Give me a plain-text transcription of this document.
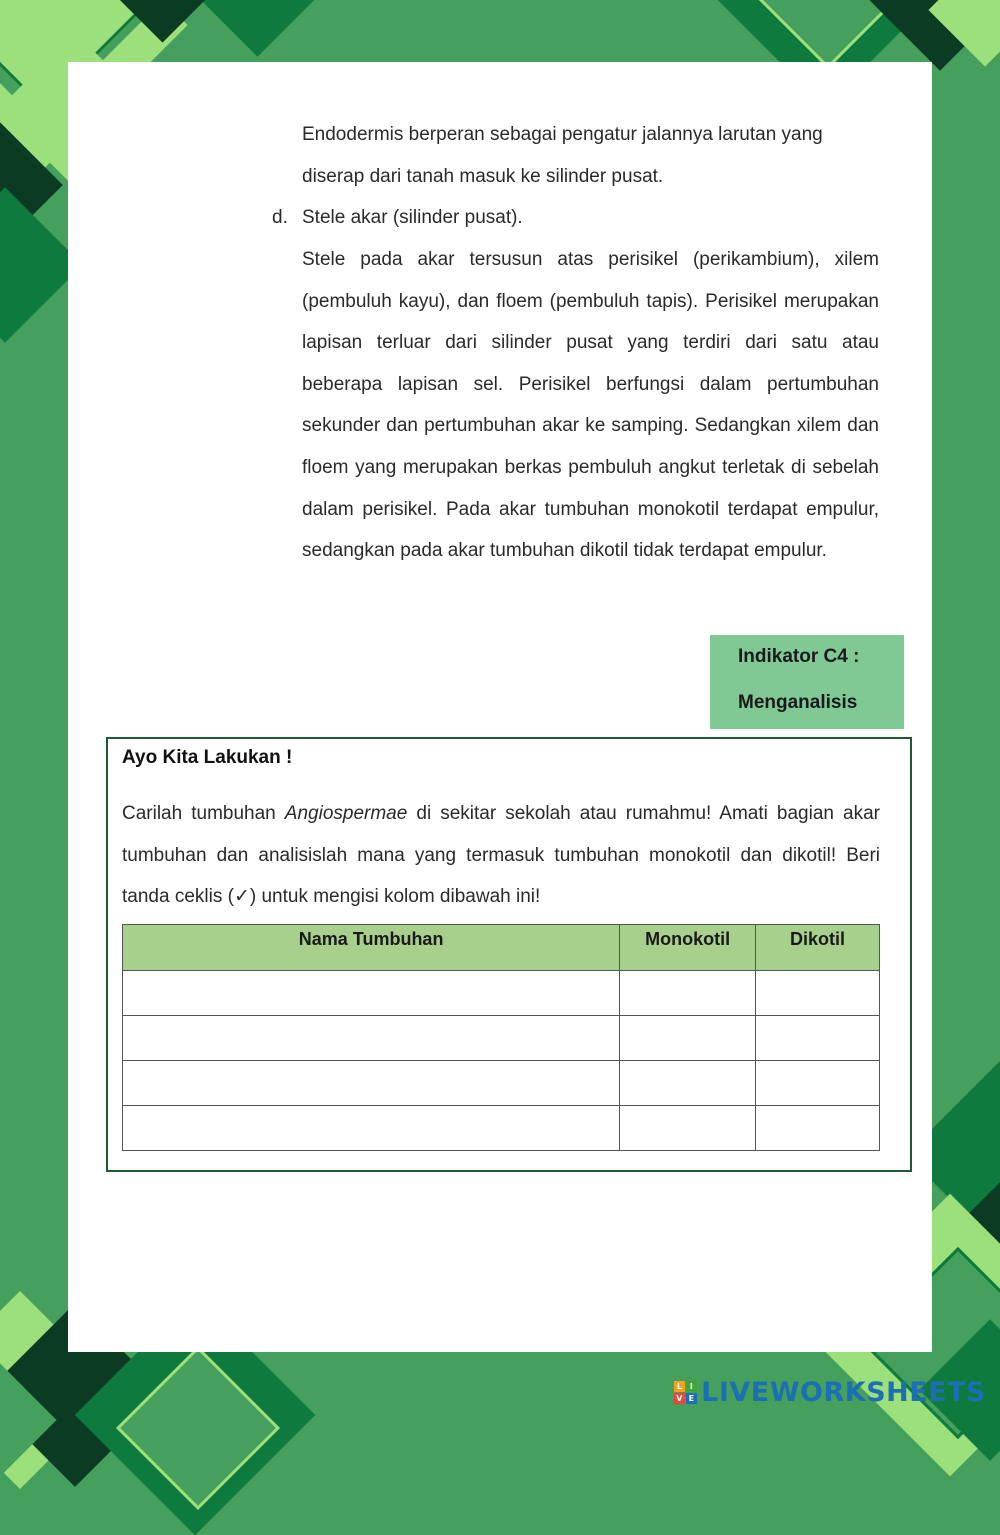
Endodermis berperan sebagai pengatur jalannya larutan yang diserap dari tanah masuk ke silinder pusat.

d. Stele akar (silinder pusat).

Stele pada akar tersusun atas perisikel (perikambium), xilem (pembuluh kayu), dan floem (pembuluh tapis). Perisikel merupakan lapisan terluar dari silinder pusat yang terdiri dari satu atau beberapa lapisan sel. Perisikel berfungsi dalam pertumbuhan sekunder dan pertumbuhan akar ke samping. Sedangkan xilem dan floem yang merupakan berkas pembuluh angkut terletak di sebelah dalam perisikel. Pada akar tumbuhan monokotil terdapat empulur, sedangkan pada akar tumbuhan dikotil tidak terdapat empulur.

Indikator C4 :
Menganalisis
Ayo Kita Lakukan !

Carilah tumbuhan Angiospermae di sekitar sekolah atau rumahmu! Amati bagian akar tumbuhan dan analisislah mana yang termasuk tumbuhan monokotil dan dikotil! Beri tanda ceklis (✓) untuk mengisi kolom dibawah ini!

Nama Tumbuhan	Monokotil	Dikotil

L I
V E LIVEWORKSHEETS
